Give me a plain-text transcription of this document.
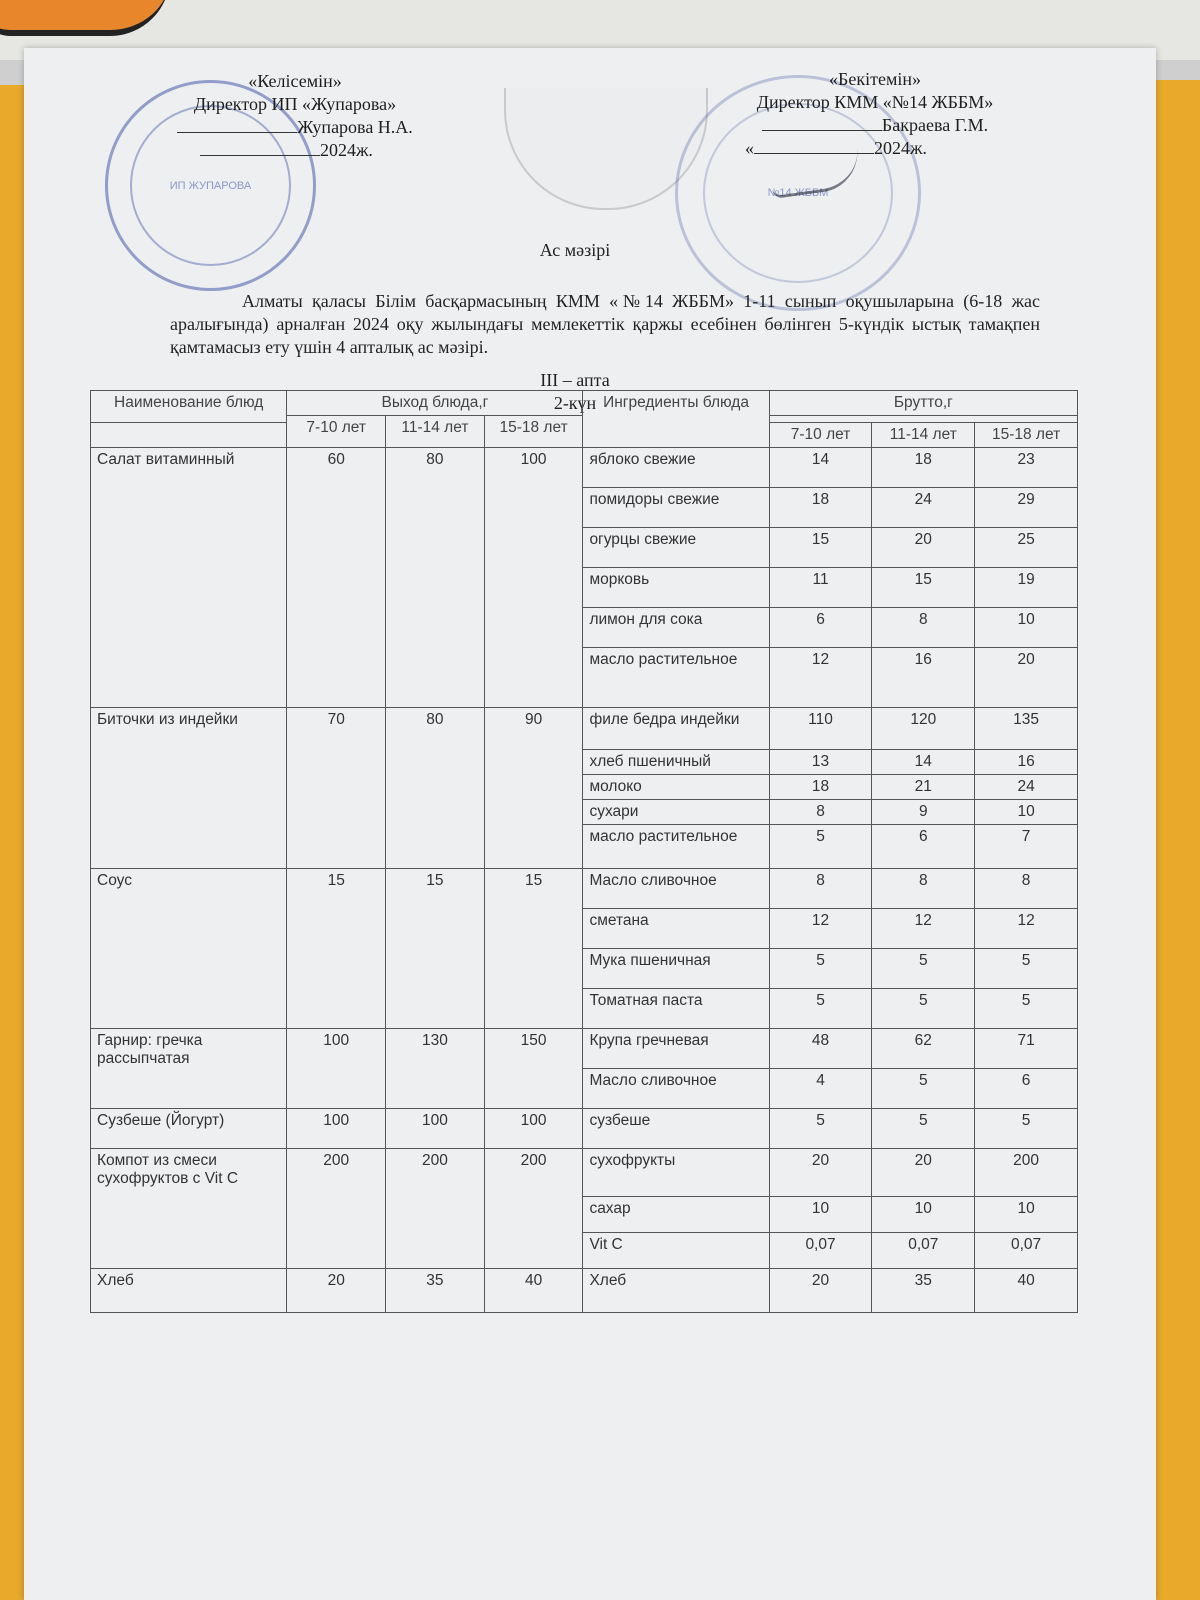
ИП ЖУПАРОВА
№14 ЖББМ
«Келісемін»
Директор ИП «Жупарова»
Жупарова Н.А.
2024ж.
«Бекітемін»
Директор КММ «№14 ЖББМ»
Бакраева Г.М.
«	2024ж.
Ас мәзірі
Алматы қаласы Білім басқармасының КММ «№14 ЖББМ» 1-11 сынып оқушыларына (6-18 жас аралығында) арналған 2024 оқу жылындағы мемлекеттік қаржы есебінен бөлінген 5-күндік ыстық тамақпен қамтамасыз ету үшін 4 апталық ас мәзірі.
III – апта
2-күн
Наименование блюд	Выход блюда,г			Ингредиенты блюда	Брутто,г		
	7-10 лет	11-14 лет	15-18 лет				
					7-10 лет	11-14 лет	15-18 лет
Салат витаминный	60	80	100	яблоко свежие	14	18	23
				помидоры свежие	18	24	29
				огурцы свежие	15	20	25
				морковь	11	15	19
				лимон для сока	6	8	10
				масло растительное	12	16	20
Биточки из индейки	70	80	90	филе бедра индейки	110	120	135
				хлеб пшеничный	13	14	16
				молоко	18	21	24
				сухари	8	9	10
				масло растительное	5	6	7
Соус	15	15	15	Масло сливочное	8	8	8
				сметана	12	12	12
				Мука пшеничная	5	5	5
				Томатная паста	5	5	5
Гарнир: гречка рассыпчатая	100	130	150	Крупа гречневая	48	62	71
				Масло сливочное	4	5	6
Сузбеше (Йогурт)	100	100	100	сузбеше	5	5	5
Компот из смеси сухофруктов с Vit C	200	200	200	сухофрукты	20	20	200
				сахар	10	10	10
				Vit C	0,07	0,07	0,07
Хлеб	20	35	40	Хлеб	20	35	40
